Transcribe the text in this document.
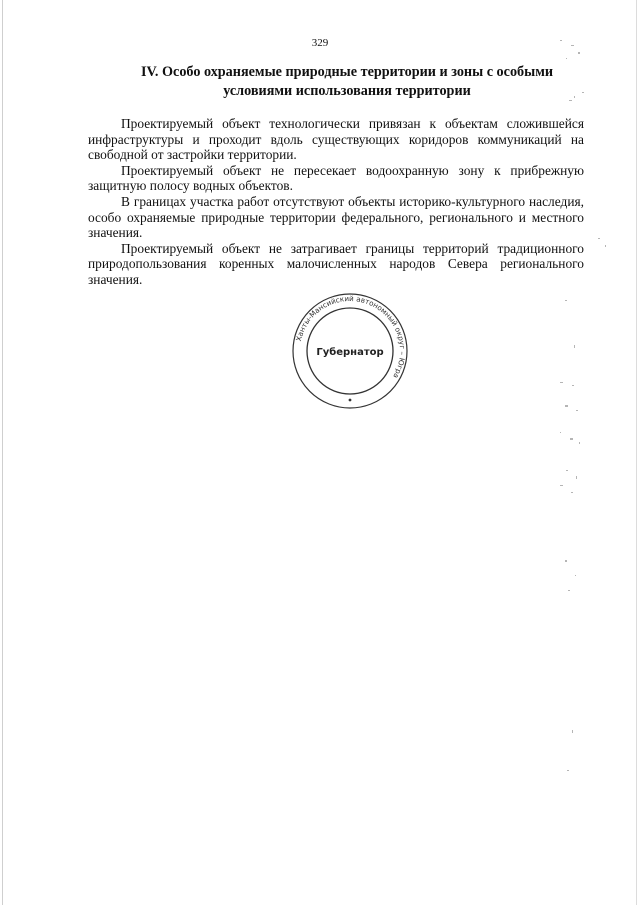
329
IV. Особо охраняемые природные территории и зоны с особыми
условиями использования территории

Проектируемый объект технологически привязан к объектам сложившейся инфраструктуры и проходит вдоль существующих коридоров коммуникаций на свободной от застройки территории.

Проектируемый объект не пересекает водоохранную зону к прибрежную защитную полосу водных объектов.

В границах участка работ отсутствуют объекты историко-культурного наследия, особо охраняемые природные территории федерального, регионального и местного значения.

Проектируемый объект не затрагивает границы территорий традиционного природопользования коренных малочисленных народов Севера регионального значения.

Ханты-Мансийский автономный округ – Югра
Губернатор
